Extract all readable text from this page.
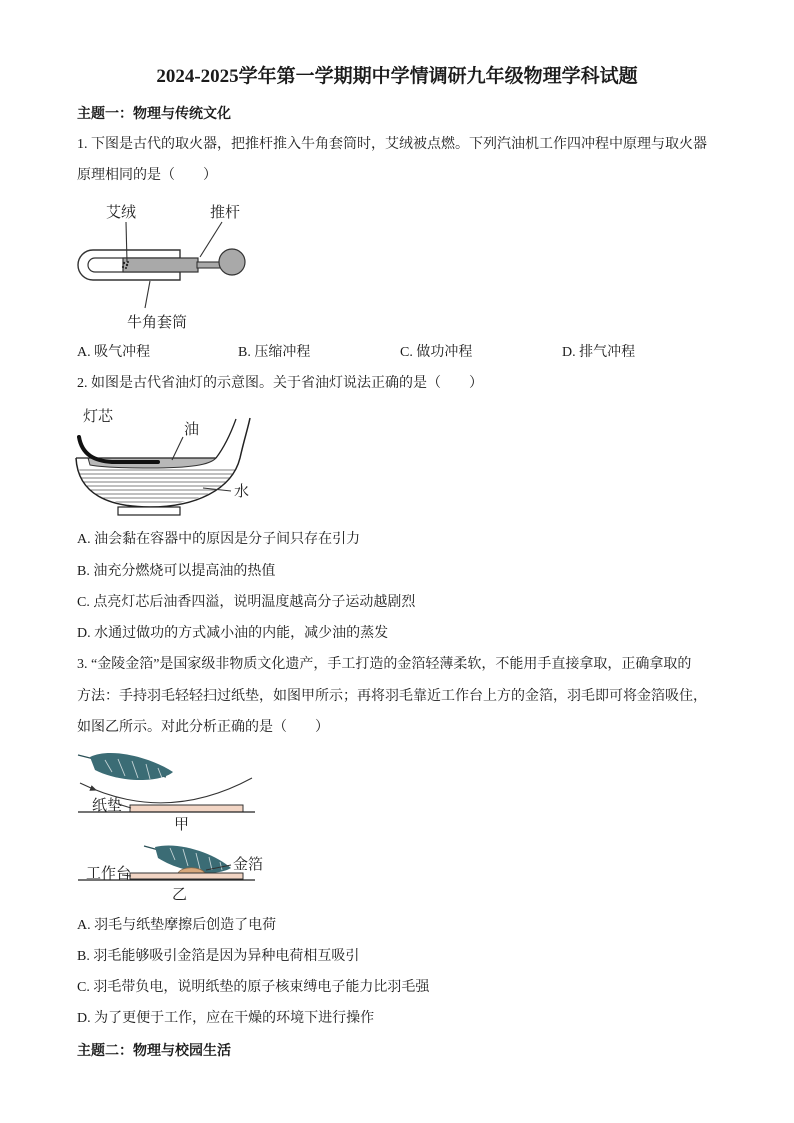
2024-2025学年第一学期期中学情调研九年级物理学科试题
主题一：物理与传统文化
1. 下图是古代的取火器，把推杆推入牛角套筒时，艾绒被点燃。下列汽油机工作四冲程中原理与取火器
原理相同的是（　　）
艾绒	推杆
牛角套筒
A. 吸气冲程	B. 压缩冲程	C. 做功冲程	D. 排气冲程
2. 如图是古代省油灯的示意图。关于省油灯说法正确的是（　　）
灯芯
油
水
A. 油会黏在容器中的原因是分子间只存在引力
B. 油充分燃烧可以提高油的热值
C. 点亮灯芯后油香四溢，说明温度越高分子运动越剧烈
D. 水通过做功的方式减小油的内能，减少油的蒸发
3. “金陵金箔”是国家级非物质文化遗产，手工打造的金箔轻薄柔软，不能用手直接拿取，正确拿取的
方法：手持羽毛轻轻扫过纸垫，如图甲所示；再将羽毛靠近工作台上方的金箔，羽毛即可将金箔吸住，
如图乙所示。对此分析正确的是（　　）
纸垫
甲
工作台	金箔
乙
A. 羽毛与纸垫摩擦后创造了电荷
B. 羽毛能够吸引金箔是因为异种电荷相互吸引
C. 羽毛带负电，说明纸垫的原子核束缚电子能力比羽毛强
D. 为了更便于工作，应在干燥的环境下进行操作
主题二：物理与校园生活
